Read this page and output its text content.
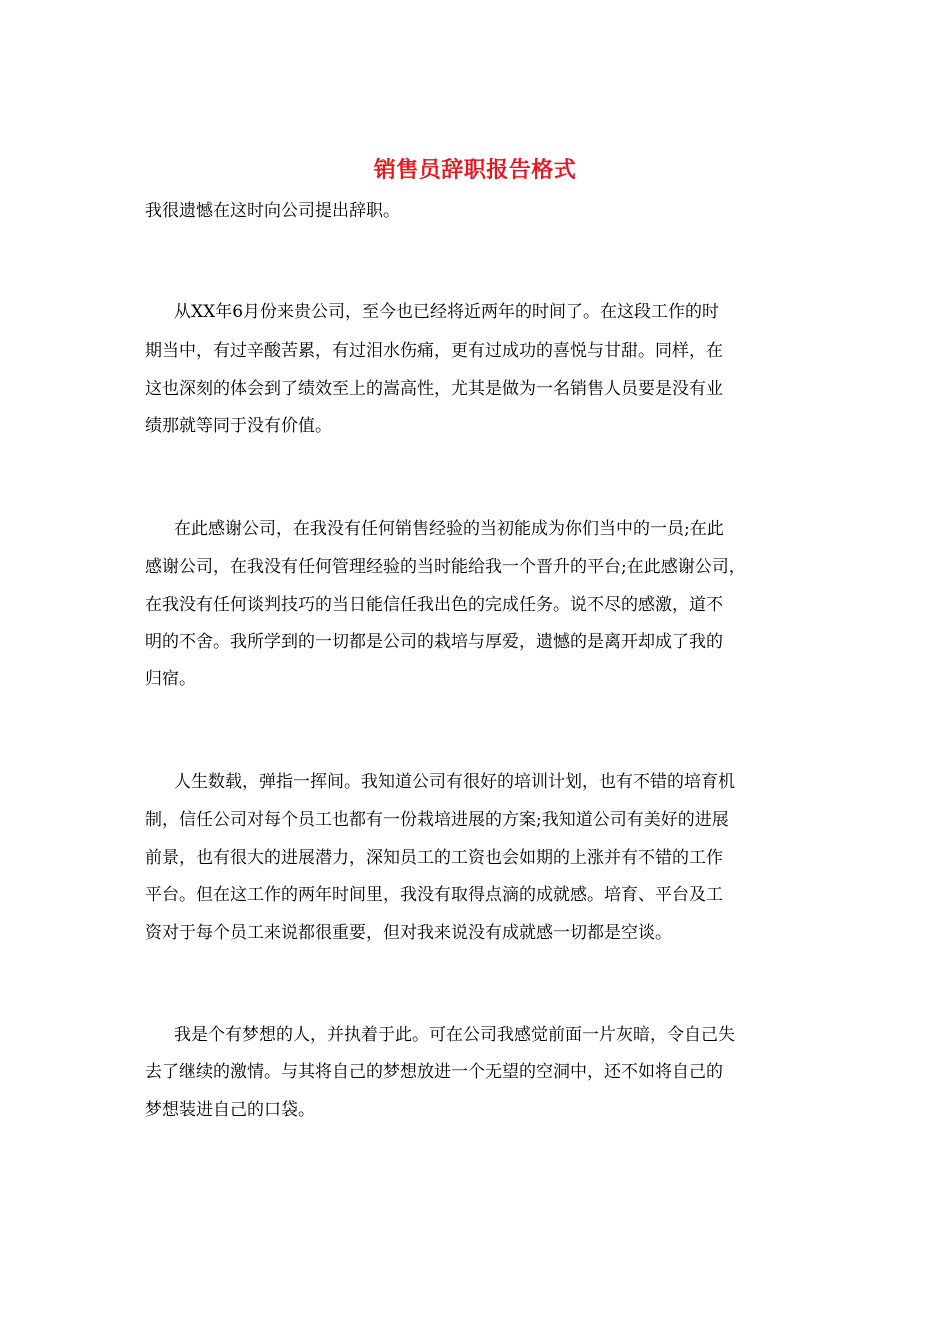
销售员辞职报告格式
我很遗憾在这时向公司提出辞职。
从XX年6月份来贵公司，至今也已经将近两年的时间了。在这段工作的时
期当中，有过辛酸苦累，有过泪水伤痛，更有过成功的喜悦与甘甜。同样，在
这也深刻的体会到了绩效至上的嵩高性，尤其是做为一名销售人员要是没有业
绩那就等同于没有价值。
在此感谢公司，在我没有任何销售经验的当初能成为你们当中的一员;在此
感谢公司，在我没有任何管理经验的当时能给我一个晋升的平台;在此感谢公司，
在我没有任何谈判技巧的当日能信任我出色的完成任务。说不尽的感激，道不
明的不舍。我所学到的一切都是公司的栽培与厚爱，遗憾的是离开却成了我的
归宿。
人生数载，弹指一挥间。我知道公司有很好的培训计划，也有不错的培育机
制，信任公司对每个员工也都有一份栽培进展的方案;我知道公司有美好的进展
前景，也有很大的进展潜力，深知员工的工资也会如期的上涨并有不错的工作
平台。但在这工作的两年时间里，我没有取得点滴的成就感。培育、平台及工
资对于每个员工来说都很重要，但对我来说没有成就感一切都是空谈。
我是个有梦想的人，并执着于此。可在公司我感觉前面一片灰暗，令自己失
去了继续的激情。与其将自己的梦想放进一个无望的空洞中，还不如将自己的
梦想装进自己的口袋。
